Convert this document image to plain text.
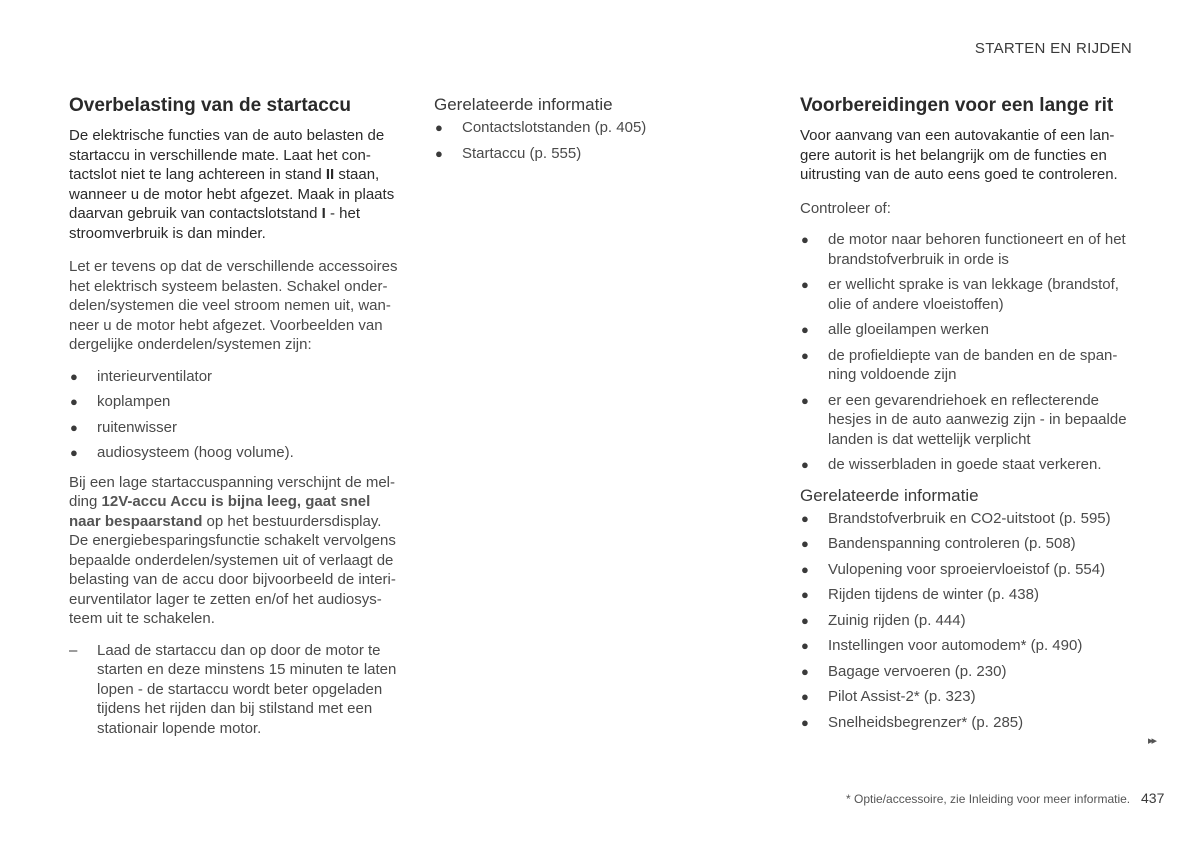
STARTEN EN RIJDEN
Overbelasting van de startaccu
De elektrische functies van de auto belasten de startaccu in verschillende mate. Laat het contactslot niet te lang achtereen in stand II staan, wanneer u de motor hebt afgezet. Maak in plaats daarvan gebruik van contactslotstand I - het stroomverbruik is dan minder.

Let er tevens op dat de verschillende accessoires het elektrisch systeem belasten. Schakel onderdelen/systemen die veel stroom nemen uit, wanneer u de motor hebt afgezet. Voorbeelden van dergelijke onderdelen/systemen zijn:

● interieurventilator
● koplampen
● ruitenwisser
● audiosysteem (hoog volume).

Bij een lage startaccuspanning verschijnt de melding 12V-accu Accu is bijna leeg, gaat snel naar bespaarstand op het bestuurdersdisplay. De energiebesparingsfunctie schakelt vervolgens bepaalde onderdelen/systemen uit of verlaagt de belasting van de accu door bijvoorbeeld de interieurventilator lager te zetten en/of het audiosysteem uit te schakelen.

– Laad de startaccu dan op door de motor te starten en deze minstens 15 minuten te laten lopen - de startaccu wordt beter opgeladen tijdens het rijden dan bij stilstand met een stationair lopende motor.
Gerelateerde informatie
● Contactslotstanden (p. 405)
● Startaccu (p. 555)
Voorbereidingen voor een lange rit
Voor aanvang van een autovakantie of een langere autorit is het belangrijk om de functies en uitrusting van de auto eens goed te controleren.

Controleer of:

● de motor naar behoren functioneert en of het brandstofverbruik in orde is
● er wellicht sprake is van lekkage (brandstof, olie of andere vloeistoffen)
● alle gloeilampen werken
● de profieldiepte van de banden en de spanning voldoende zijn
● er een gevarendriehoek en reflecterende hesjes in de auto aanwezig zijn - in bepaalde landen is dat wettelijk verplicht
● de wisserbladen in goede staat verkeren.
Gerelateerde informatie
● Brandstofverbruik en CO2-uitstoot (p. 595)
● Bandenspanning controleren (p. 508)
● Vulopening voor sproeiervloeistof (p. 554)
● Rijden tijdens de winter (p. 438)
● Zuinig rijden (p. 444)
● Instellingen voor automodem* (p. 490)
● Bagage vervoeren (p. 230)
● Pilot Assist-2* (p. 323)
● Snelheidsbegrenzer* (p. 285)
▸▸
* Optie/accessoire, zie Inleiding voor meer informatie. 437
